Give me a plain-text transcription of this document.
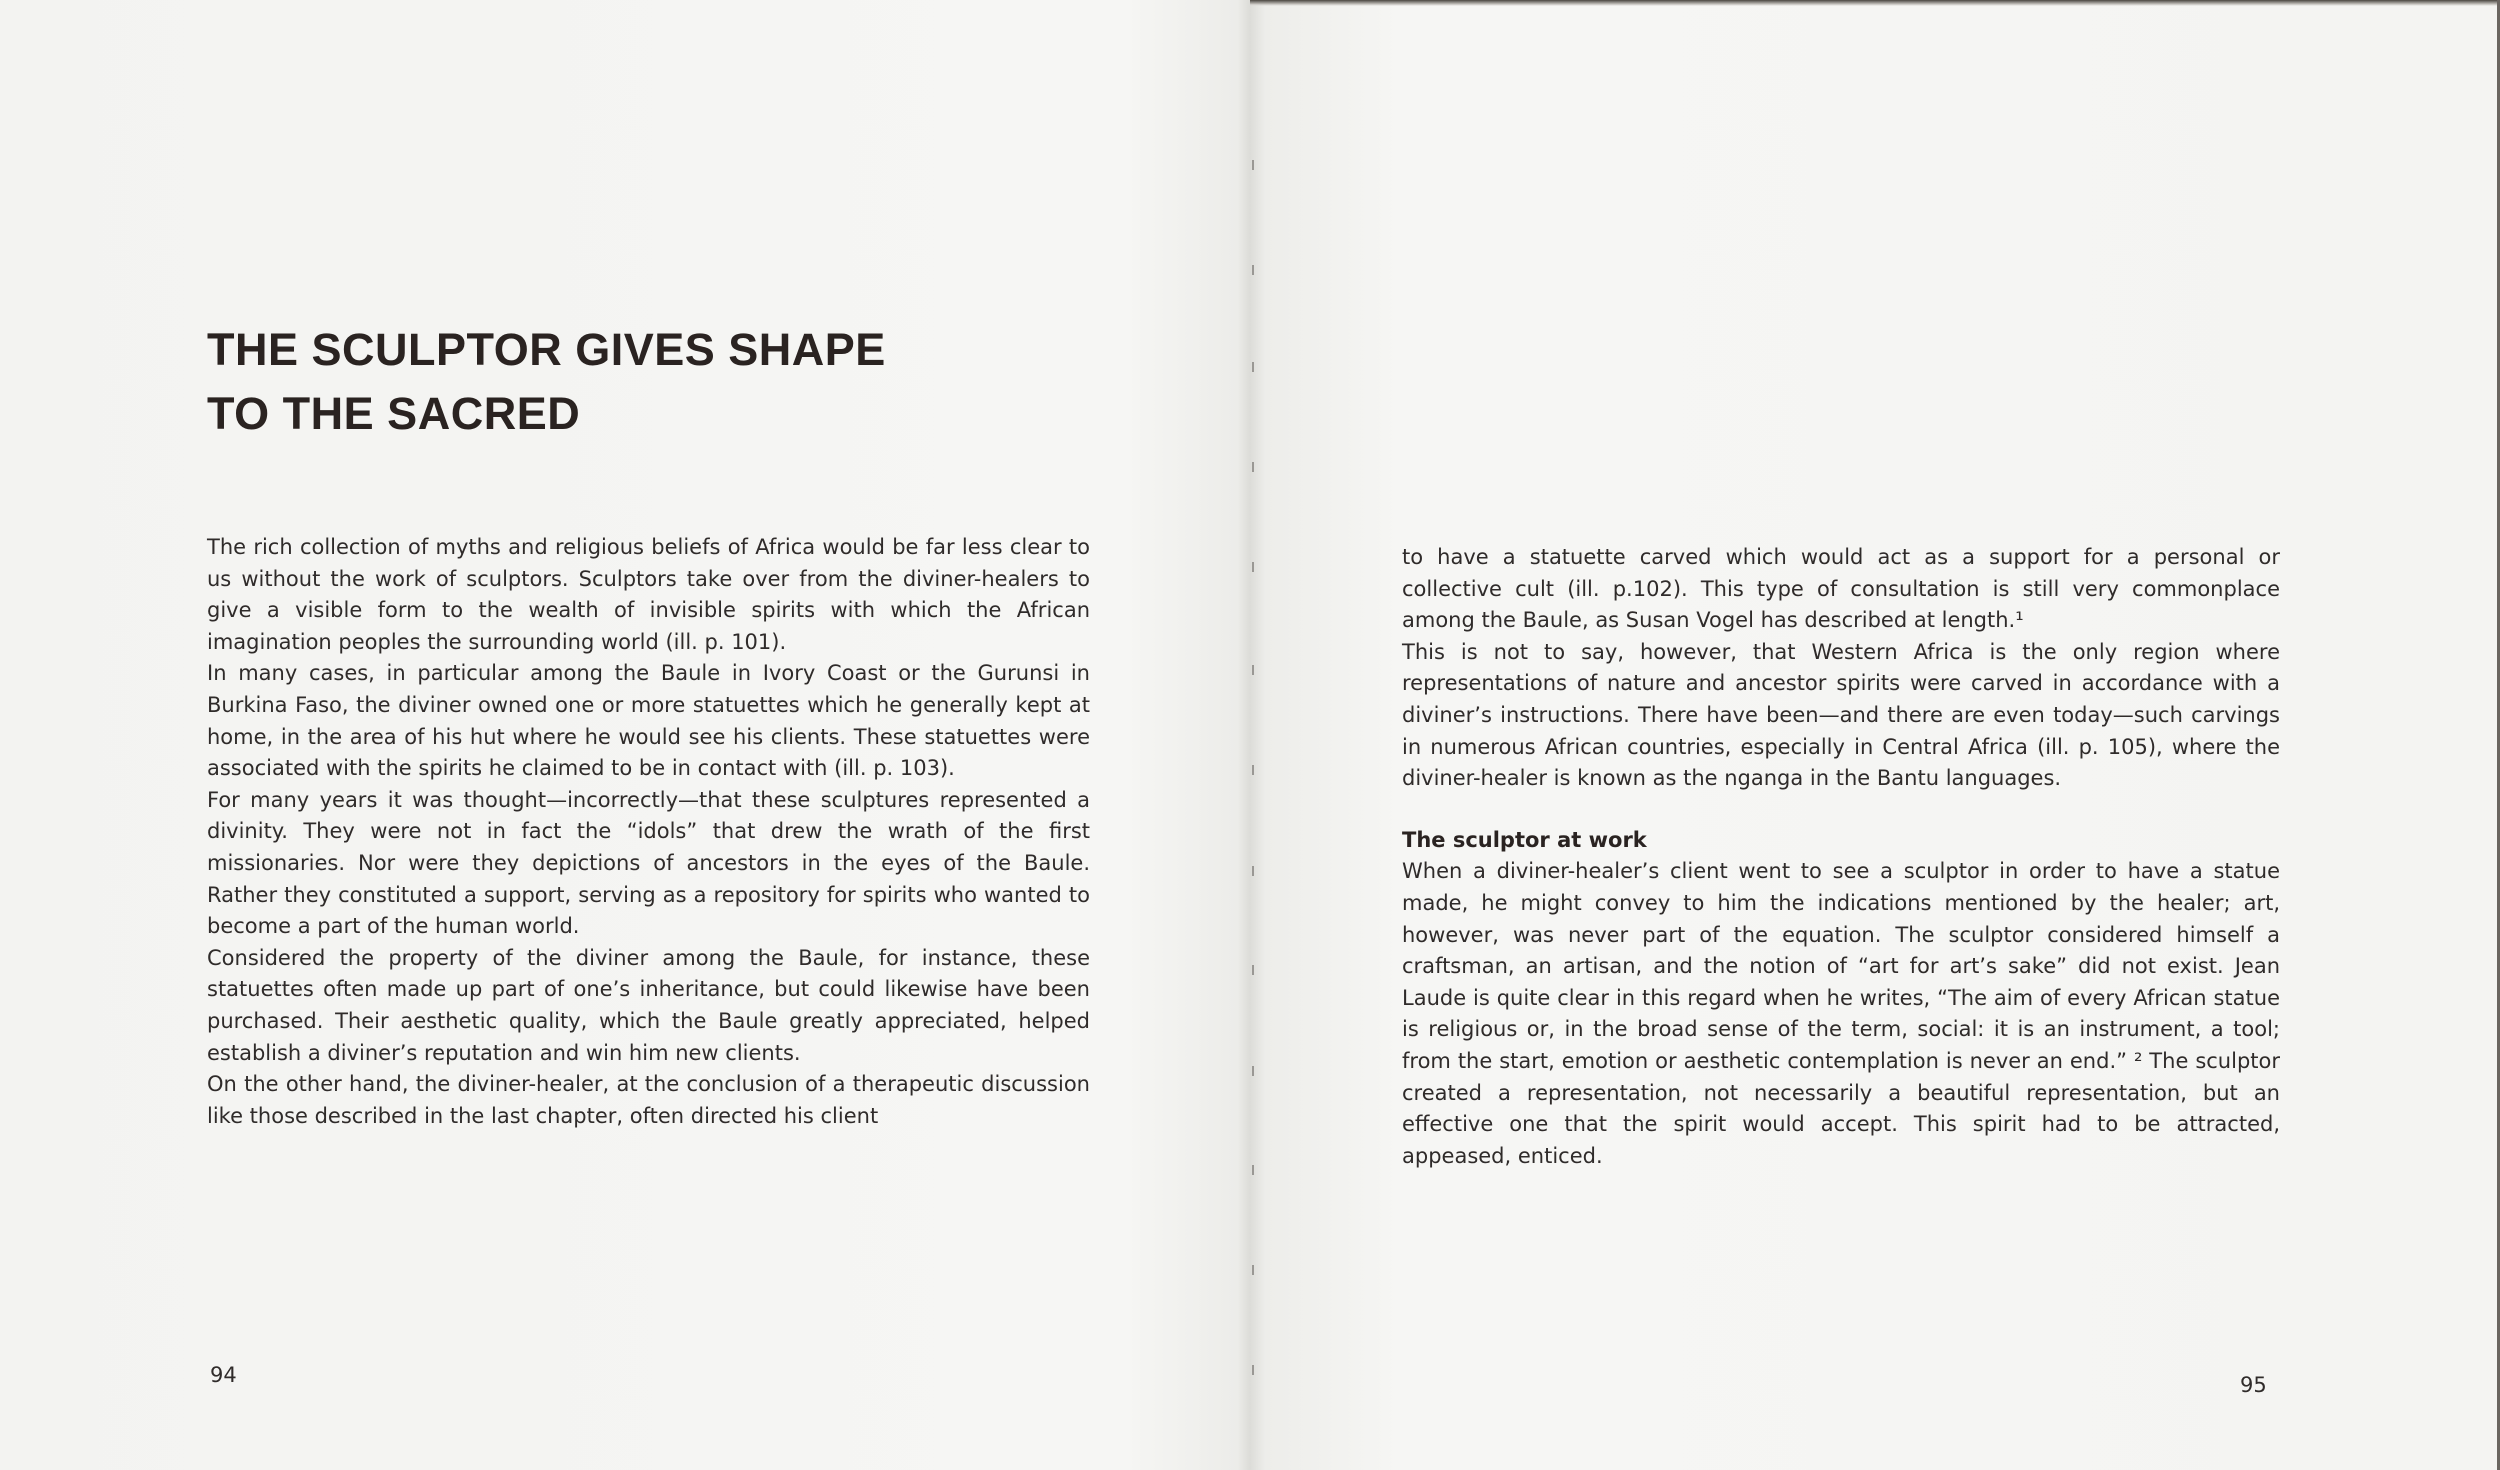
THE SCULPTOR GIVES SHAPE
TO THE SACRED

The rich collection of myths and religious beliefs of Africa would be far less clear to us without the work of sculptors. Sculptors take over from the diviner-healers to give a visible form to the wealth of invisible spirits with which the African imagination peoples the surrounding world (ill. p. 101).

In many cases, in particular among the Baule in Ivory Coast or the Gurunsi in Burkina Faso, the diviner owned one or more statuettes which he generally kept at home, in the area of his hut where he would see his clients. These statuettes were associated with the spirits he claimed to be in contact with (ill. p. 103).

For many years it was thought—incorrectly—that these sculptures represented a divinity. They were not in fact the “idols” that drew the wrath of the first missionaries. Nor were they depictions of ancestors in the eyes of the Baule. Rather they constituted a support, serving as a repository for spirits who wanted to become a part of the human world.

Considered the property of the diviner among the Baule, for instance, these statuettes often made up part of one’s inheritance, but could likewise have been purchased. Their aesthetic quality, which the Baule greatly appreciated, helped establish a diviner’s reputation and win him new clients.

On the other hand, the diviner-healer, at the conclusion of a therapeutic discussion like those described in the last chapter, often directed his client

94

to have a statuette carved which would act as a support for a personal or collective cult (ill. p.102). This type of consultation is still very commonplace among the Baule, as Susan Vogel has described at length.¹

This is not to say, however, that Western Africa is the only region where representations of nature and ancestor spirits were carved in accordance with a diviner’s instructions. There have been—and there are even today—such carvings in numerous African countries, especially in Central Africa (ill. p. 105), where the diviner-healer is known as the nganga in the Bantu languages.

The sculptor at work

When a diviner-healer’s client went to see a sculptor in order to have a statue made, he might convey to him the indications mentioned by the healer; art, however, was never part of the equation. The sculptor considered himself a craftsman, an artisan, and the notion of “art for art’s sake” did not exist. Jean Laude is quite clear in this regard when he writes, “The aim of every African statue is religious or, in the broad sense of the term, social: it is an instrument, a tool; from the start, emotion or aesthetic contemplation is never an end.” ² The sculptor created a representation, not necessarily a beautiful representation, but an effective one that the spirit would accept. This spirit had to be attracted, appeased, enticed.

95
